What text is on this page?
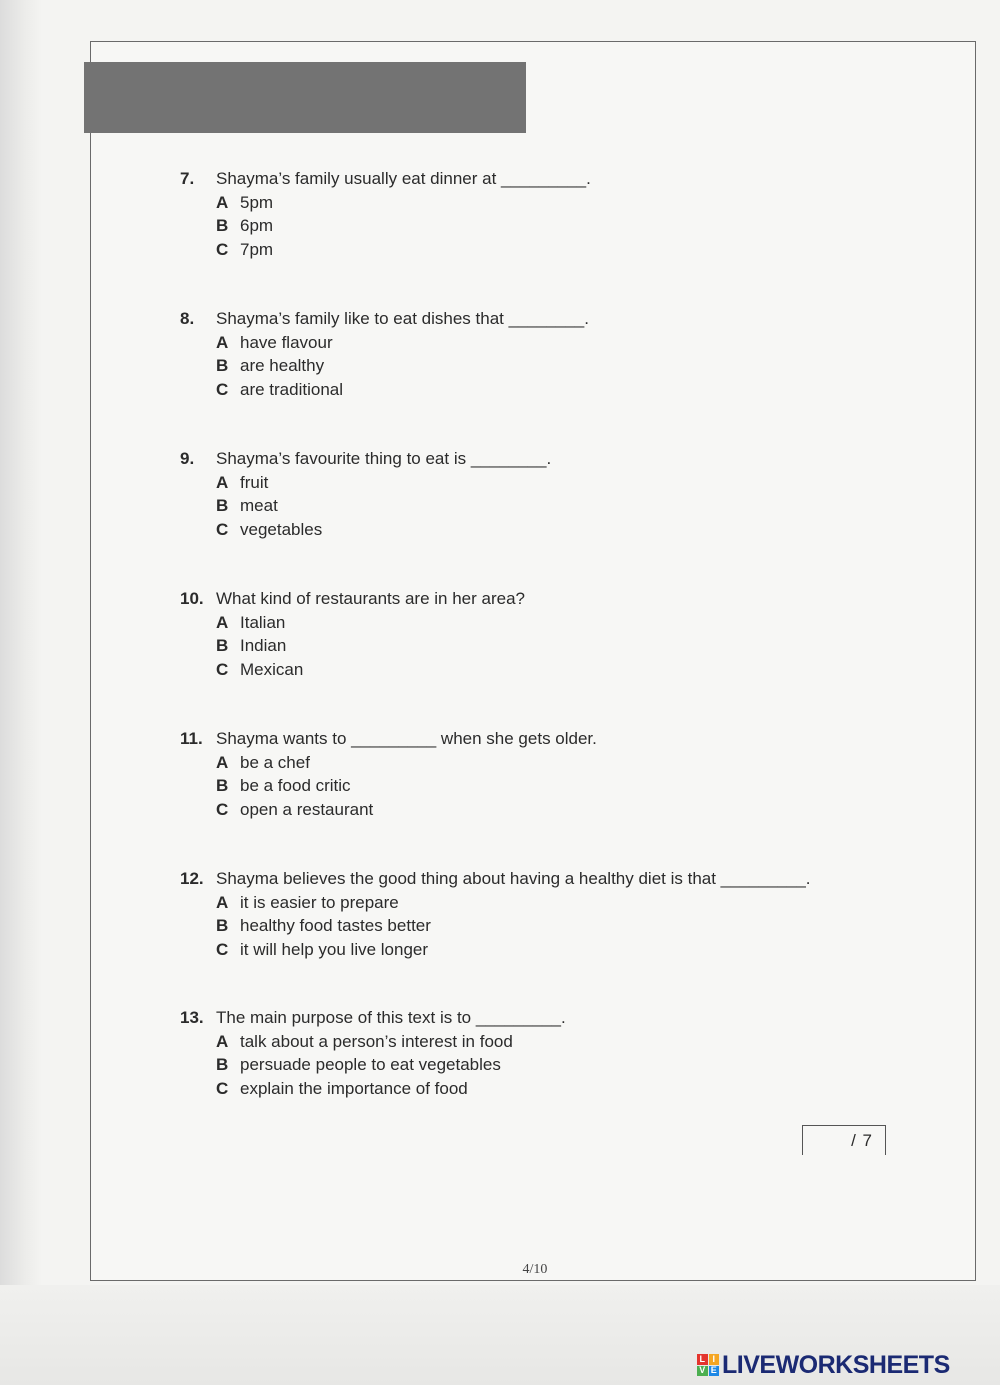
7.	Shayma’s family usually eat dinner at _________.
A 5pm
B 6pm
C 7pm
8.	Shayma’s family like to eat dishes that ________.
A have flavour
B are healthy
C are traditional
9.	Shayma’s favourite thing to eat is ________.
A fruit
B meat
C vegetables
10. What kind of restaurants are in her area?
A Italian
B Indian
C Mexican
11. Shayma wants to _________ when she gets older.
A be a chef
B be a food critic
C open a restaurant
12. Shayma believes the good thing about having a healthy diet is that _________.
A it is easier to prepare
B healthy food tastes better
C it will help you live longer
13. The main purpose of this text is to _________.
A talk about a person’s interest in food
B persuade people to eat vegetables
C explain the importance of food
/ 7
4/10
L I
V E LIVEWORKSHEETS
